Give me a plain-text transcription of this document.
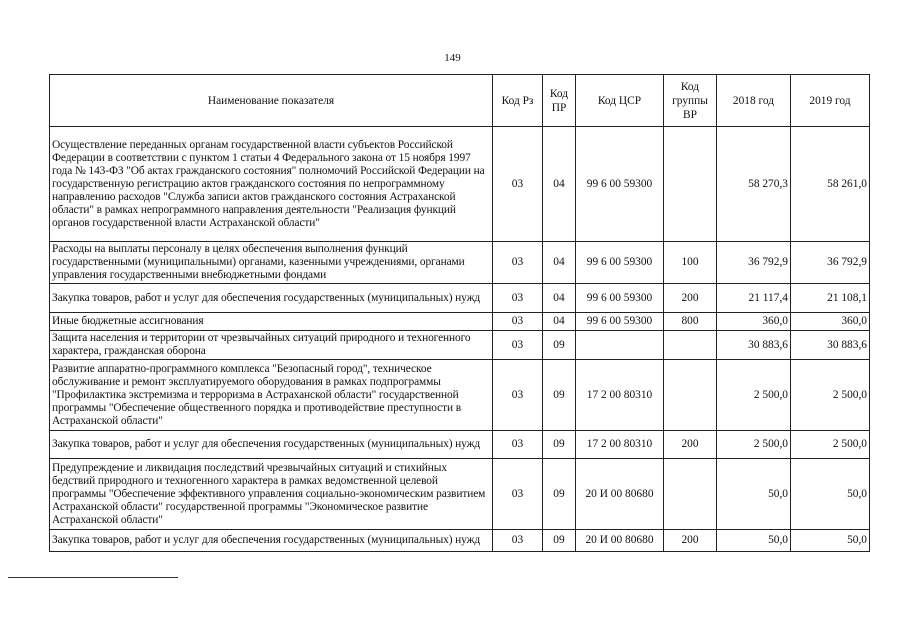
149
Наименование показателя	Код Рз	Код ПР	Код ЦСР	Код группы ВР	2018 год	2019 год
Осуществление переданных органам государственной власти субъектов Российской Федерации в соответствии с пунктом 1 статьи 4 Федерального закона от 15 ноября 1997 года № 143-ФЗ "Об актах гражданского состояния" полномочий Российской Федерации на государственную регистрацию актов гражданского состояния по непрограммному направлению расходов "Служба записи актов гражданского состояния Астраханской области" в рамках непрограммного направления деятельности "Реализация функций органов государственной власти Астраханской области"	03	04	99 6 00 59300		58 270,3	58 261,0
Расходы на выплаты персоналу в целях обеспечения выполнения функций государственными (муниципальными) органами, казенными учреждениями, органами управления государственными внебюджетными фондами	03	04	99 6 00 59300	100	36 792,9	36 792,9
Закупка товаров, работ и услуг для обеспечения государственных (муниципальных) нужд	03	04	99 6 00 59300	200	21 117,4	21 108,1
Иные бюджетные ассигнования	03	04	99 6 00 59300	800	360,0	360,0
Защита населения и территории от чрезвычайных ситуаций природного и техногенного характера, гражданская оборона	03	09			30 883,6	30 883,6
Развитие аппаратно-программного комплекса "Безопасный город", техническое обслуживание и ремонт эксплуатируемого оборудования в рамках подпрограммы "Профилактика экстремизма и терроризма в Астраханской области" государственной программы "Обеспечение общественного порядка и противодействие преступности в Астраханской области"	03	09	17 2 00 80310		2 500,0	2 500,0
Закупка товаров, работ и услуг для обеспечения государственных (муниципальных) нужд	03	09	17 2 00 80310	200	2 500,0	2 500,0
Предупреждение и ликвидация последствий чрезвычайных ситуаций и стихийных бедствий природного и техногенного характера в рамках ведомственной целевой программы "Обеспечение эффективного управления социально-экономическим развитием Астраханской области" государственной программы "Экономическое развитие Астраханской области"	03	09	20 И 00 80680		50,0	50,0
Закупка товаров, работ и услуг для обеспечения государственных (муниципальных) нужд	03	09	20 И 00 80680	200	50,0	50,0
